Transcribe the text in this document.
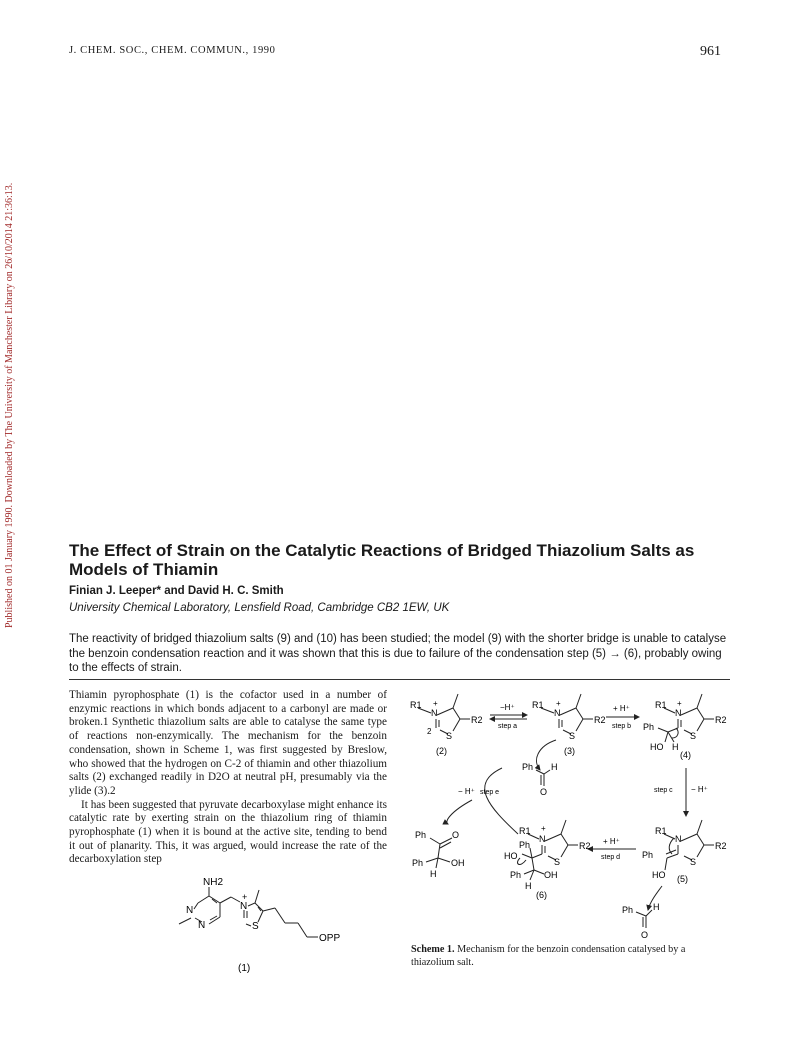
J. CHEM. SOC., CHEM. COMMUN., 1990	961
Published on 01 January 1990. Downloaded by The University of Manchester Library on 26/10/2014 21:36:13.	The Effect of Strain on the Catalytic Reactions of Bridged Thiazolium Salts as Models of Thiamin
Finian J. Leeper* and David H. C. Smith
University Chemical Laboratory, Lensfield Road, Cambridge CB2 1EW, UK
The reactivity of bridged thiazolium salts (9) and (10) has been studied; the model (9) with the shorter bridge is unable to catalyse the benzoin condensation reaction and it was shown that this is due to failure of the condensation step (5) → (6), probably owing to the effects of strain.

Thiamin pyrophosphate (1) is the cofactor used in a number of enzymic reactions in which bonds adjacent to a carbonyl are made or broken.1 Synthetic thiazolium salts are able to catalyse the same type of reactions non-enzymically. The mechanism for the benzoin condensation, shown in Scheme 1, was first suggested by Breslow, who showed that the hydrogen on C-2 of thiamin and other thiazolium salts (2) exchanged readily in D2O at neutral pH, presumably via the ylide (3).2

It has been suggested that pyruvate decarboxylase might enhance its catalytic rate by exerting strain on the thiazolium ring of thiamin pyrophosphate (1) when it is bound at the active site, tending to bend it out of planarity. This, it was argued, would increase the rate of the decarboxylation step

NH2
N
N
N
+
S
OPP
(1)
R1
N
+
S
R2
2
(2)
−H⁺
step a
R1
N
+
S
R2
(3)
Ph H
O
+ H⁺
step b
R1
N
+
S
R2
Ph
HO H
(4)
step c − H⁺
R1
N
S
R2
Ph
HO (5)
Ph H
O
+ H⁺
step d
R1
N
+
S
R2
Ph
HO
Ph	OH
H
(6)
− H⁺ step e
Ph	O
Ph	OH
H
Scheme 1. Mechanism for the benzoin condensation catalysed by a thiazolium salt.
